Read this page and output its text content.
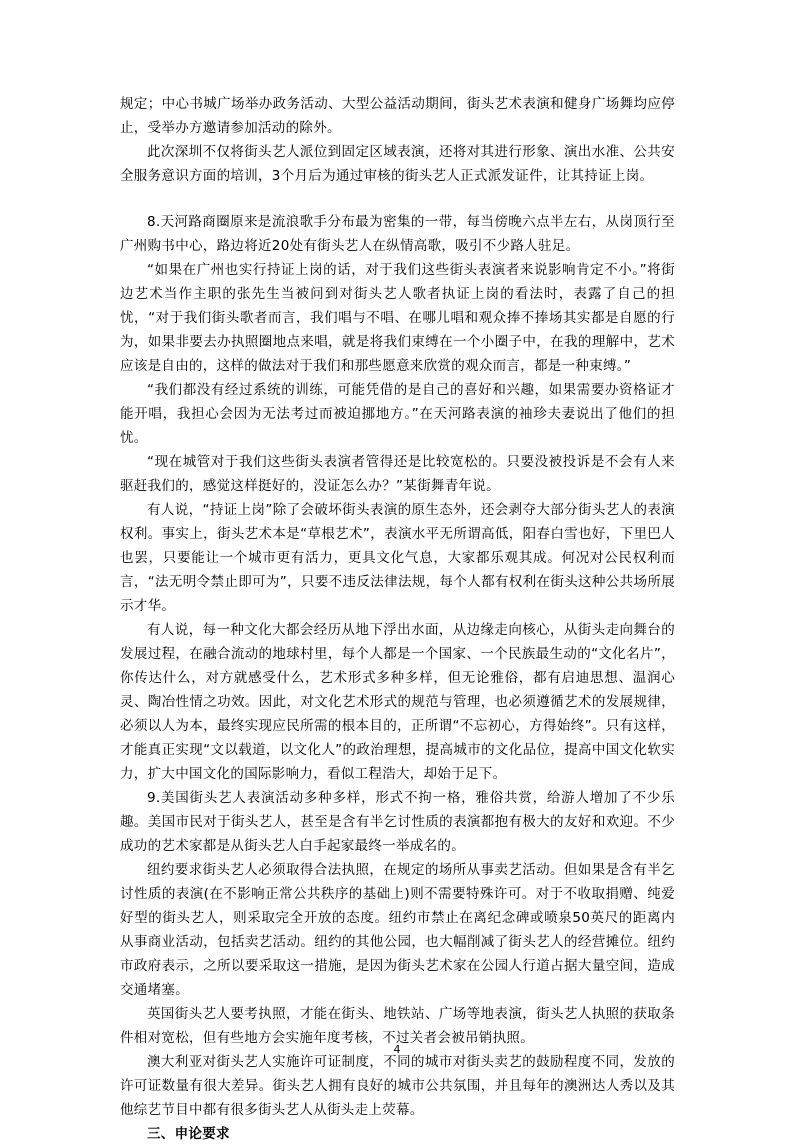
规定；中心书城广场举办政务活动、大型公益活动期间，街头艺术表演和健身广场舞均应停止，受举办方邀请参加活动的除外。

此次深圳不仅将街头艺人派位到固定区域表演，还将对其进行形象、演出水准、公共安全服务意识方面的培训，3个月后为通过审核的街头艺人正式派发证件，让其持证上岗。

8.天河路商圈原来是流浪歌手分布最为密集的一带，每当傍晚六点半左右，从岗顶行至广州购书中心，路边将近20处有街头艺人在纵情高歌，吸引不少路人驻足。

“如果在广州也实行持证上岗的话，对于我们这些街头表演者来说影响肯定不小。”将街边艺术当作主职的张先生当被问到对街头艺人歌者执证上岗的看法时，表露了自己的担忧，“对于我们街头歌者而言，我们唱与不唱、在哪儿唱和观众捧不捧场其实都是自愿的行为，如果非要去办执照圈地点来唱，就是将我们束缚在一个小圈子中，在我的理解中，艺术应该是自由的，这样的做法对于我们和那些愿意来欣赏的观众而言，都是一种束缚。”

“我们都没有经过系统的训练，可能凭借的是自己的喜好和兴趣，如果需要办资格证才能开唱，我担心会因为无法考过而被迫挪地方。”在天河路表演的袖珍夫妻说出了他们的担忧。

“现在城管对于我们这些街头表演者管得还是比较宽松的。只要没被投诉是不会有人来驱赶我们的，感觉这样挺好的，没证怎么办？”某街舞青年说。

有人说，“持证上岗”除了会破坏街头表演的原生态外，还会剥夺大部分街头艺人的表演权利。事实上，街头艺术本是“草根艺术”，表演水平无所谓高低，阳春白雪也好，下里巴人也罢，只要能让一个城市更有活力，更具文化气息，大家都乐观其成。何况对公民权利而言，“法无明令禁止即可为”，只要不违反法律法规，每个人都有权利在街头这种公共场所展示才华。

有人说，每一种文化大都会经历从地下浮出水面，从边缘走向核心，从街头走向舞台的发展过程，在融合流动的地球村里，每个人都是一个国家、一个民族最生动的“文化名片”，你传达什么，对方就感受什么，艺术形式多种多样，但无论雅俗，都有启迪思想、温润心灵、陶冶性情之功效。因此，对文化艺术形式的规范与管理，也必须遵循艺术的发展规律，必须以人为本，最终实现应民所需的根本目的，正所谓“不忘初心，方得始终”。只有这样，才能真正实现“文以载道，以文化人”的政治理想，提高城市的文化品位，提高中国文化软实力，扩大中国文化的国际影响力，看似工程浩大，却始于足下。

9.美国街头艺人表演活动多种多样，形式不拘一格，雅俗共赏，给游人增加了不少乐趣。美国市民对于街头艺人，甚至是含有半乞讨性质的表演都抱有极大的友好和欢迎。不少成功的艺术家都是从街头艺人白手起家最终一举成名的。

纽约要求街头艺人必须取得合法执照，在规定的场所从事卖艺活动。但如果是含有半乞讨性质的表演(在不影响正常公共秩序的基础上)则不需要特殊许可。对于不收取捐赠、纯爱好型的街头艺人，则采取完全开放的态度。纽约市禁止在离纪念碑或喷泉50英尺的距离内从事商业活动，包括卖艺活动。纽约的其他公园，也大幅削减了街头艺人的经营摊位。纽约市政府表示，之所以要采取这一措施，是因为街头艺术家在公园人行道占据大量空间，造成交通堵塞。

英国街头艺人要考执照，才能在街头、地铁站、广场等地表演，街头艺人执照的获取条件相对宽松，但有些地方会实施年度考核，不过关者会被吊销执照。

澳大利亚对街头艺人实施许可证制度，不同的城市对街头卖艺的鼓励程度不同，发放的许可证数量有很大差异。街头艺人拥有良好的城市公共氛围，并且每年的澳洲达人秀以及其他综艺节目中都有很多街头艺人从街头走上荧幕。

三、申论要求

4
